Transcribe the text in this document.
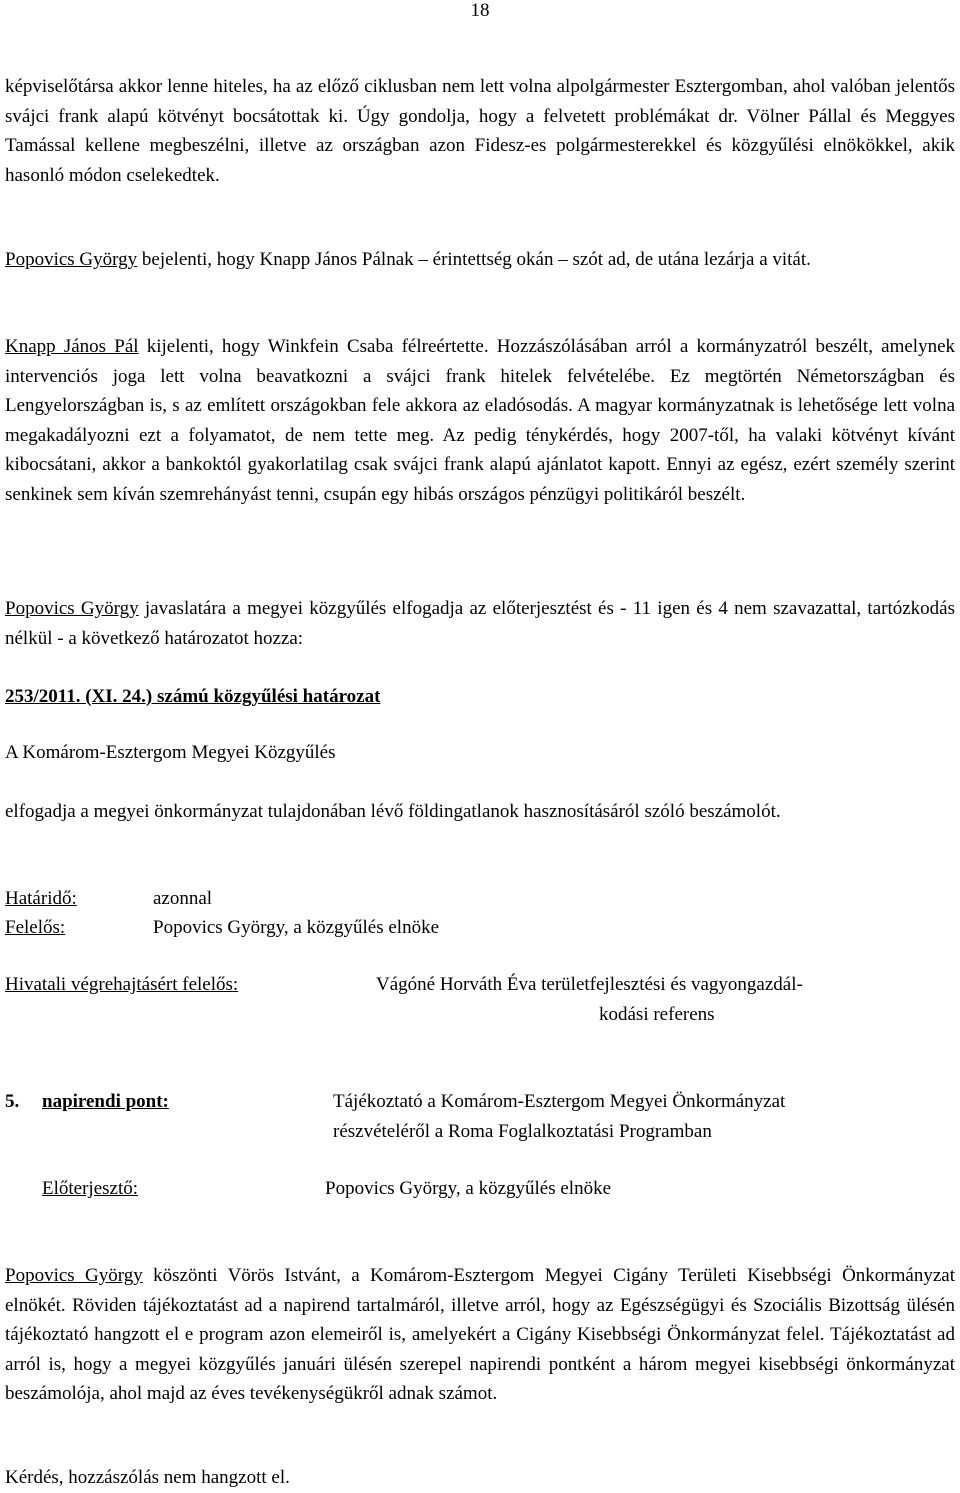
18

képviselőtársa akkor lenne hiteles, ha az előző ciklusban nem lett volna alpolgármester Esztergomban, ahol valóban jelentős svájci frank alapú kötvényt bocsátottak ki. Úgy gondolja, hogy a felvetett problémákat dr. Völner Pállal és Meggyes Tamással kellene megbeszélni, illetve az országban azon Fidesz-es polgármesterekkel és közgyűlési elnökökkel, akik hasonló módon cselekedtek.

Popovics György bejelenti, hogy Knapp János Pálnak – érintettség okán – szót ad, de utána lezárja a vitát.

Knapp János Pál kijelenti, hogy Winkfein Csaba félreértette. Hozzászólásában arról a kormányzatról beszélt, amelynek intervenciós joga lett volna beavatkozni a svájci frank hitelek felvételébe. Ez megtörtén Németországban és Lengyelországban is, s az említett országokban fele akkora az eladósodás. A magyar kormányzatnak is lehetősége lett volna megakadályozni ezt a folyamatot, de nem tette meg. Az pedig ténykérdés, hogy 2007-től, ha valaki kötvényt kívánt kibocsátani, akkor a bankoktól gyakorlatilag csak svájci frank alapú ajánlatot kapott. Ennyi az egész, ezért személy szerint senkinek sem kíván szemrehányást tenni, csupán egy hibás országos pénzügyi politikáról beszélt.

Popovics György javaslatára a megyei közgyűlés elfogadja az előterjesztést és - 11 igen és 4 nem szavazattal, tartózkodás nélkül - a következő határozatot hozza:

253/2011. (XI. 24.) számú közgyűlési határozat

A Komárom-Esztergom Megyei Közgyűlés

elfogadja a megyei önkormányzat tulajdonában lévő földingatlanok hasznosításáról szóló beszámolót.

Határidő:	azonnal

Felelős:	Popovics György, a közgyűlés elnöke

Hivatali végrehajtásért felelős:	Vágóné Horváth Éva területfejlesztési és vagyongazdál-

kodási referens

5. napirendi pont:	Tájékoztató a Komárom-Esztergom Megyei Önkormányzat

részvételéről a Roma Foglalkoztatási Programban

Előterjesztő:	Popovics György, a közgyűlés elnöke

Popovics György köszönti Vörös Istvánt, a Komárom-Esztergom Megyei Cigány Területi Kisebbségi Önkormányzat elnökét. Röviden tájékoztatást ad a napirend tartalmáról, illetve arról, hogy az Egészségügyi és Szociális Bizottság ülésén tájékoztató hangzott el e program azon elemeiről is, amelyekért a Cigány Kisebbségi Önkormányzat felel. Tájékoztatást ad arról is, hogy a megyei közgyűlés januári ülésén szerepel napirendi pontként a három megyei kisebbségi önkormányzat beszámolója, ahol majd az éves tevékenységükről adnak számot.

Kérdés, hozzászólás nem hangzott el.
